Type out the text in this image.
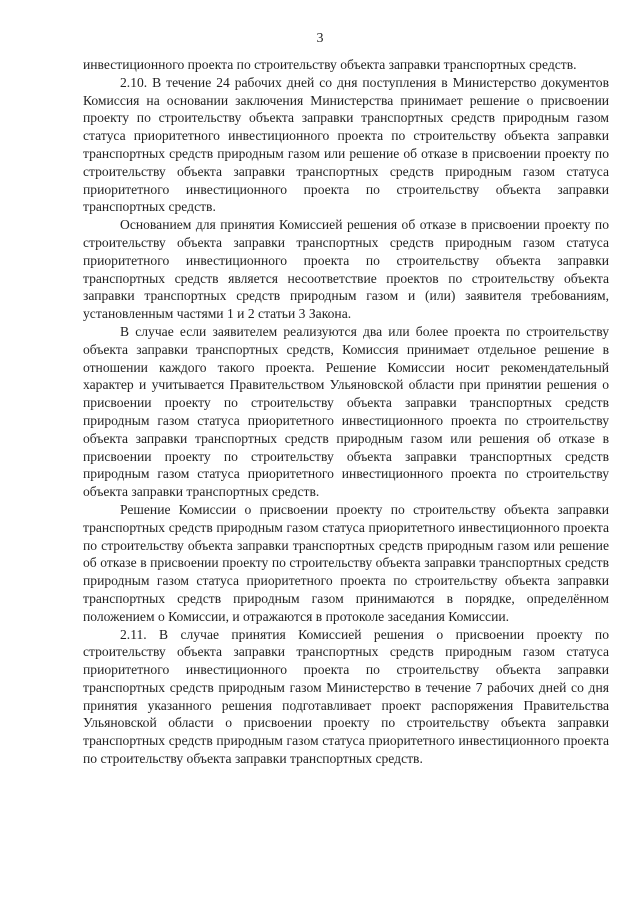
3

инвестиционного проекта по строительству объекта заправки транспортных средств.

2.10. В течение 24 рабочих дней со дня поступления в Министерство документов Комиссия на основании заключения Министерства принимает решение о присвоении проекту по строительству объекта заправки транспортных средств природным газом статуса приоритетного инвестиционного проекта по строительству объекта заправки транспортных средств природным газом или решение об отказе в присвоении проекту по строительству объекта заправки транспортных средств природным газом статуса приоритетного инвестиционного проекта по строительству объекта заправки транспортных средств.

Основанием для принятия Комиссией решения об отказе в присвоении проекту по строительству объекта заправки транспортных средств природным газом статуса приоритетного инвестиционного проекта по строительству объекта заправки транспортных средств является несоответствие проектов по строительству объекта заправки транспортных средств природным газом и (или) заявителя требованиям, установленным частями 1 и 2 статьи 3 Закона.

В случае если заявителем реализуются два или более проекта по строительству объекта заправки транспортных средств, Комиссия принимает отдельное решение в отношении каждого такого проекта. Решение Комиссии носит рекомендательный характер и учитывается Правительством Ульяновской области при принятии решения о присвоении проекту по строительству объекта заправки транспортных средств природным газом статуса приоритетного инвестиционного проекта по строительству объекта заправки транспортных средств природным газом или решения об отказе в присвоении проекту по строительству объекта заправки транспортных средств природным газом статуса приоритетного инвестиционного проекта по строительству объекта заправки транспортных средств.

Решение Комиссии о присвоении проекту по строительству объекта заправки транспортных средств природным газом статуса приоритетного инвестиционного проекта по строительству объекта заправки транспортных средств природным газом или решение об отказе в присвоении проекту по строительству объекта заправки транспортных средств природным газом статуса приоритетного проекта по строительству объекта заправки транспортных средств природным газом принимаются в порядке, определённом положением о Комиссии, и отражаются в протоколе заседания Комиссии.

2.11. В случае принятия Комиссией решения о присвоении проекту по строительству объекта заправки транспортных средств природным газом статуса приоритетного инвестиционного проекта по строительству объекта заправки транспортных средств природным газом Министерство в течение 7 рабочих дней со дня принятия указанного решения подготавливает проект распоряжения Правительства Ульяновской области о присвоении проекту по строительству объекта заправки транспортных средств природным газом статуса приоритетного инвестиционного проекта по строительству объекта заправки транспортных средств.
